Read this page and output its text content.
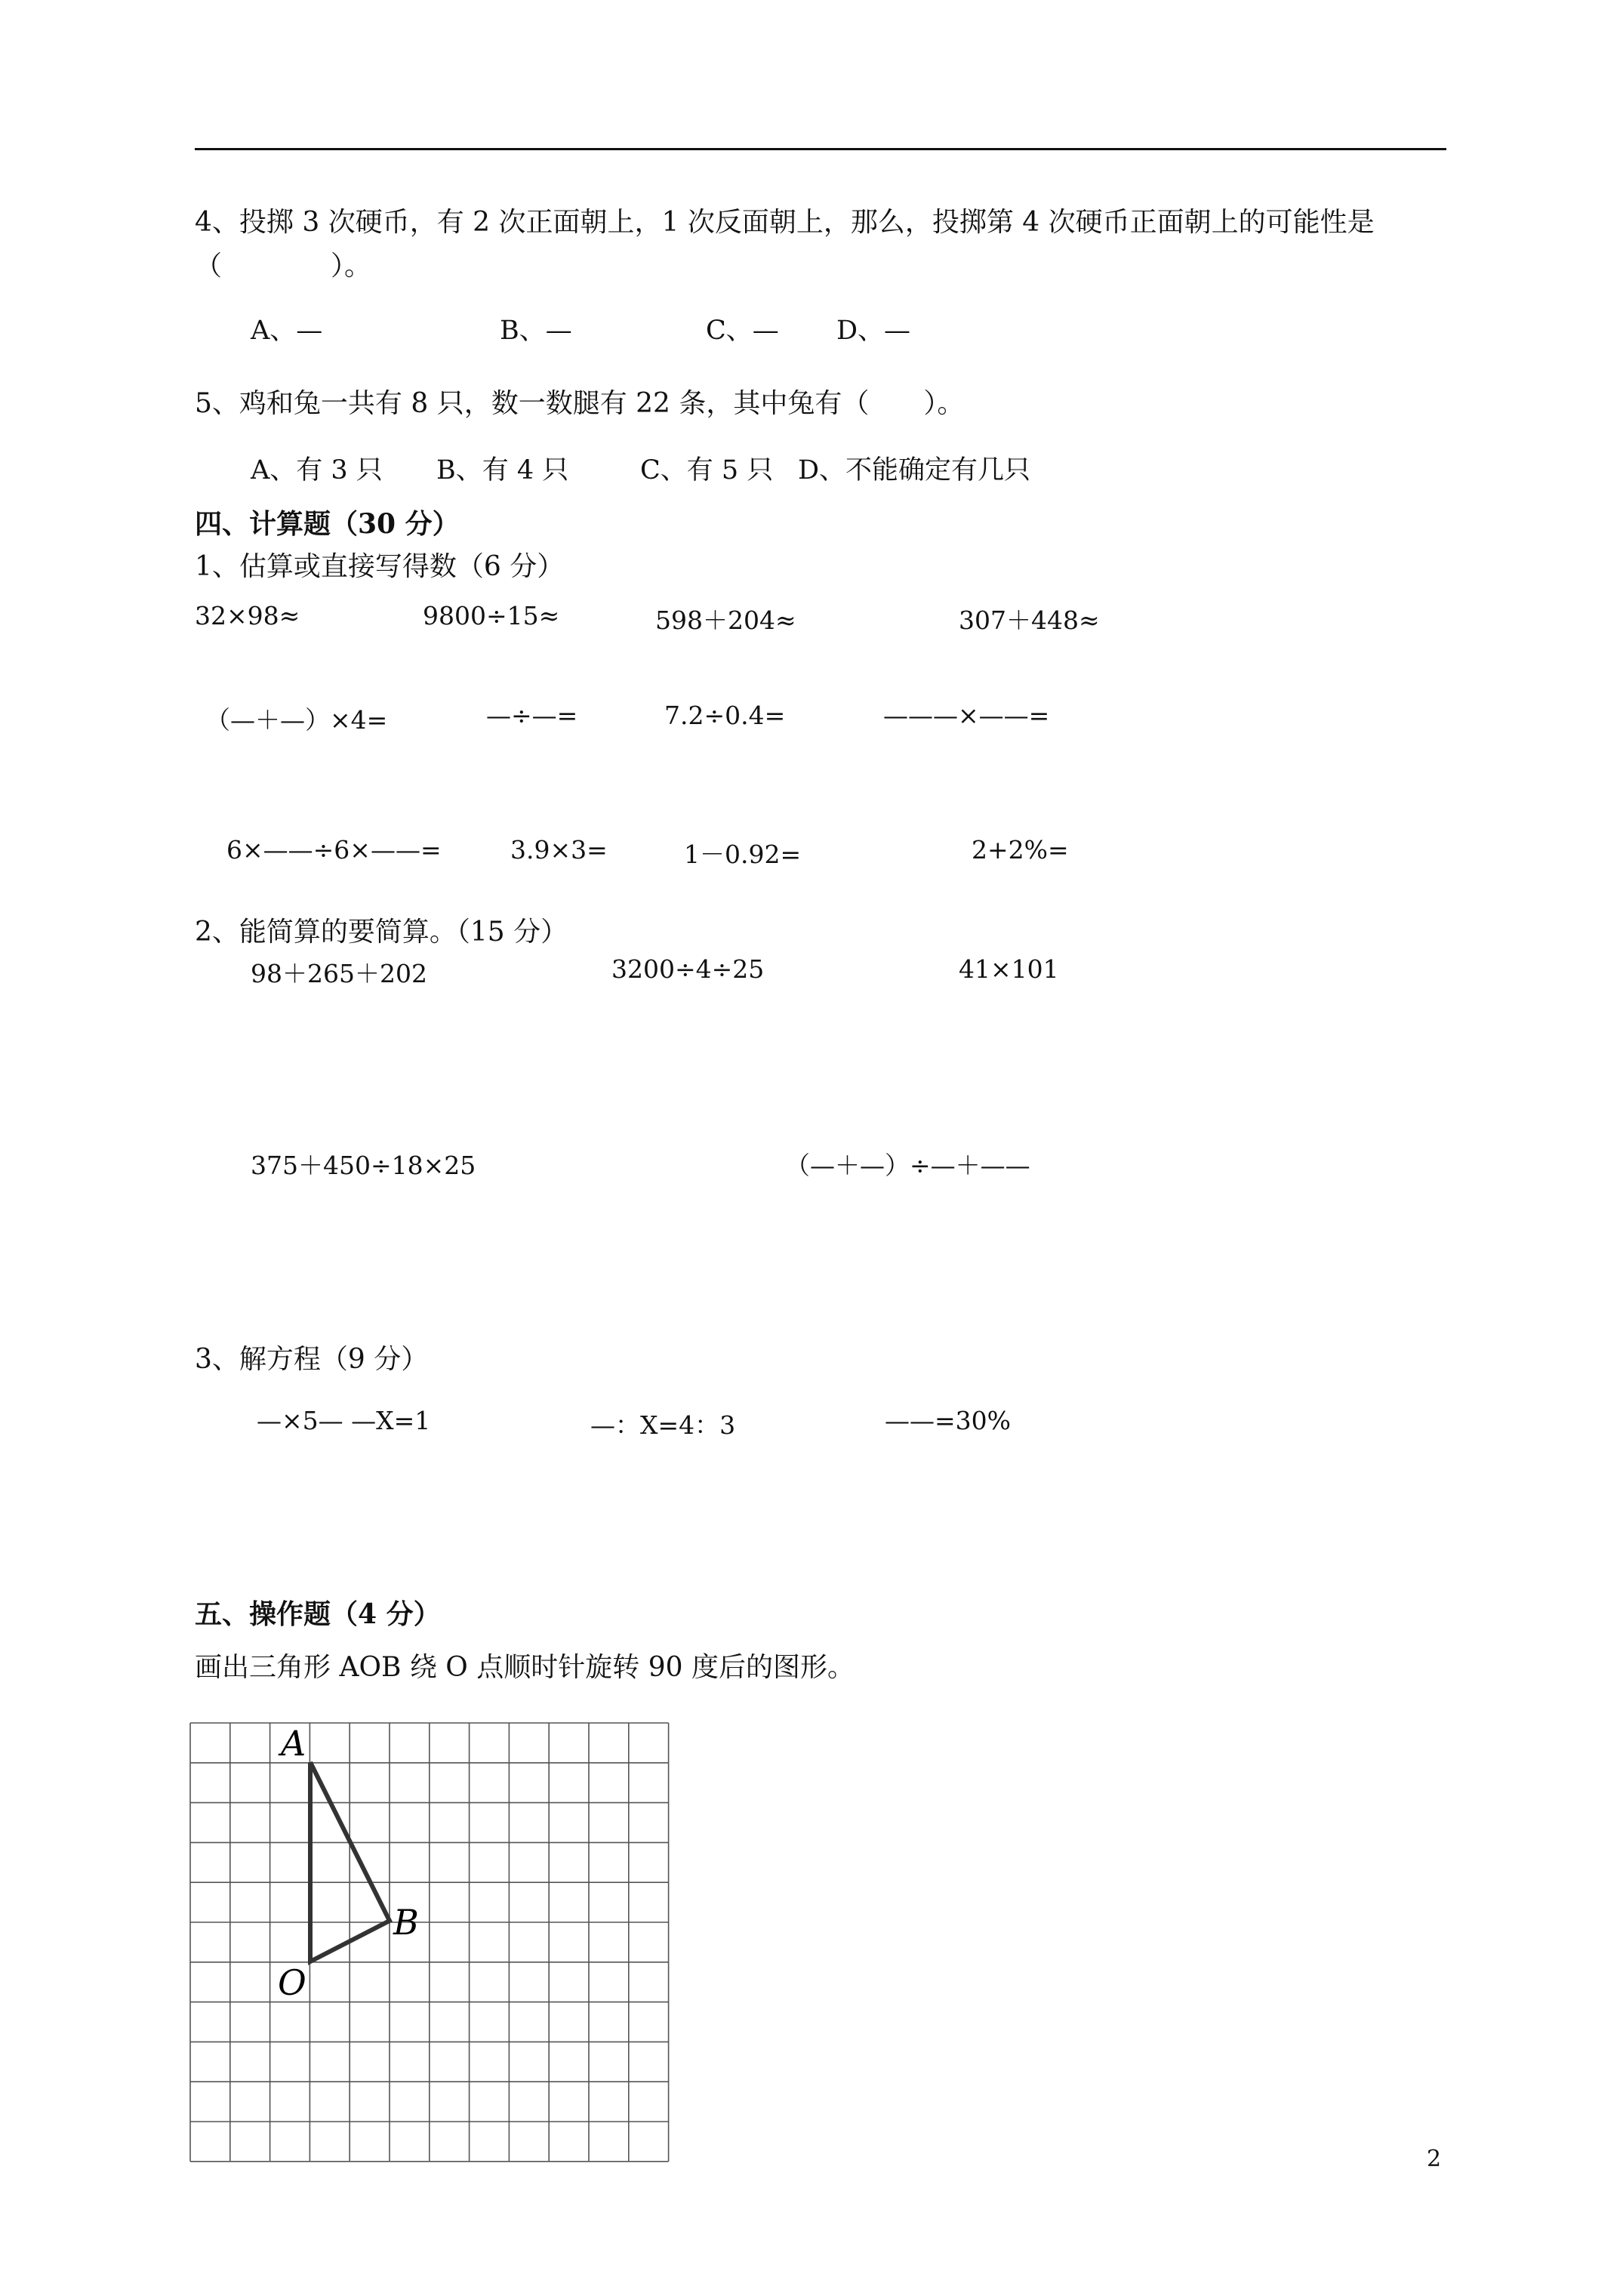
4、投掷 3 次硬币，有 2 次正面朝上，1 次反面朝上，那么，投掷第 4 次硬币正面朝上的可能性是
（　　　　）。
A、—	B、—	C、— D、—
5、鸡和兔一共有 8 只，数一数腿有 22 条，其中兔有（　　）。
A、有 3 只 B、有 4 只	C、有 5 只 D、不能确定有几只
四、计算题（30 分）
1、估算或直接写得数（6 分）
32×98≈	9800÷15≈	598＋204≈	307＋448≈
（—＋—）×4=	—÷—=	7.2÷0.4=	———×——=
6×——÷6×——=	3.9×3=	1－0.92=	2+2%=
2、能简算的要简算。（15 分）
98＋265＋202	3200÷4÷25	41×101
375＋450÷18×25	（—＋—）÷—＋——
3、解方程（9 分）
—×5— —X=1	—：X=4：3	——=30%
五、操作题（4 分）
画出三角形 AOB 绕 O 点顺时针旋转 90 度后的图形。
A
B
O
2
